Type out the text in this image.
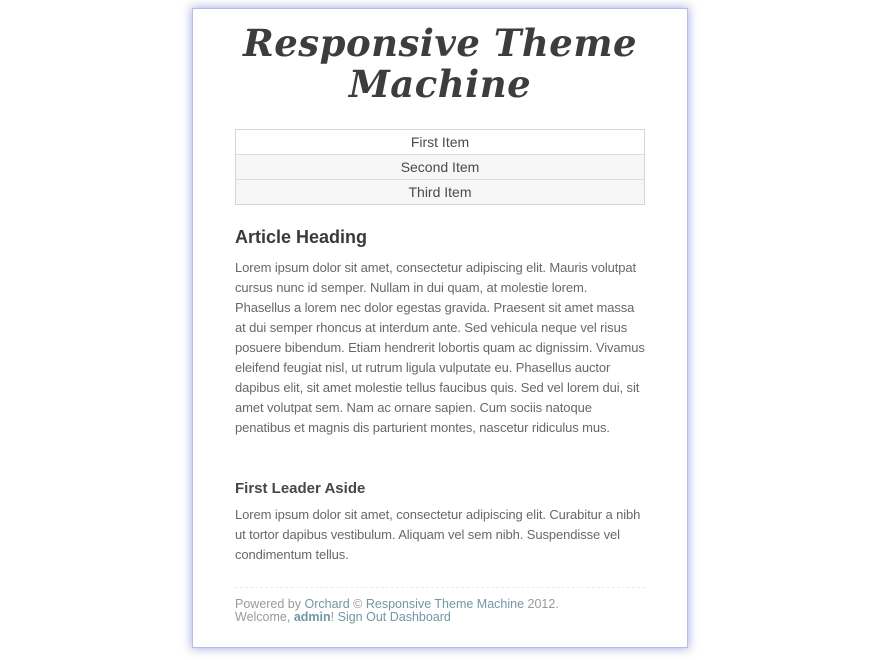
Responsive Theme Machine
First Item
Second Item
Third Item
Article Heading

Lorem ipsum dolor sit amet, consectetur adipiscing elit. Mauris volutpat cursus nunc id semper. Nullam in dui quam, at molestie lorem. Phasellus a lorem nec dolor egestas gravida. Praesent sit amet massa at dui semper rhoncus at interdum ante. Sed vehicula neque vel risus posuere bibendum. Etiam hendrerit lobortis quam ac dignissim. Vivamus eleifend feugiat nisl, ut rutrum ligula vulputate eu. Phasellus auctor dapibus elit, sit amet molestie tellus faucibus quis. Sed vel lorem dui, sit amet volutpat sem. Nam ac ornare sapien. Cum sociis natoque penatibus et magnis dis parturient montes, nascetur ridiculus mus.

First Leader Aside

Lorem ipsum dolor sit amet, consectetur adipiscing elit. Curabitur a nibh ut tortor dapibus vestibulum. Aliquam vel sem nibh. Suspendisse vel condimentum tellus.

Powered by Orchard © Responsive Theme Machine 2012.

Welcome, admin! Sign Out Dashboard
